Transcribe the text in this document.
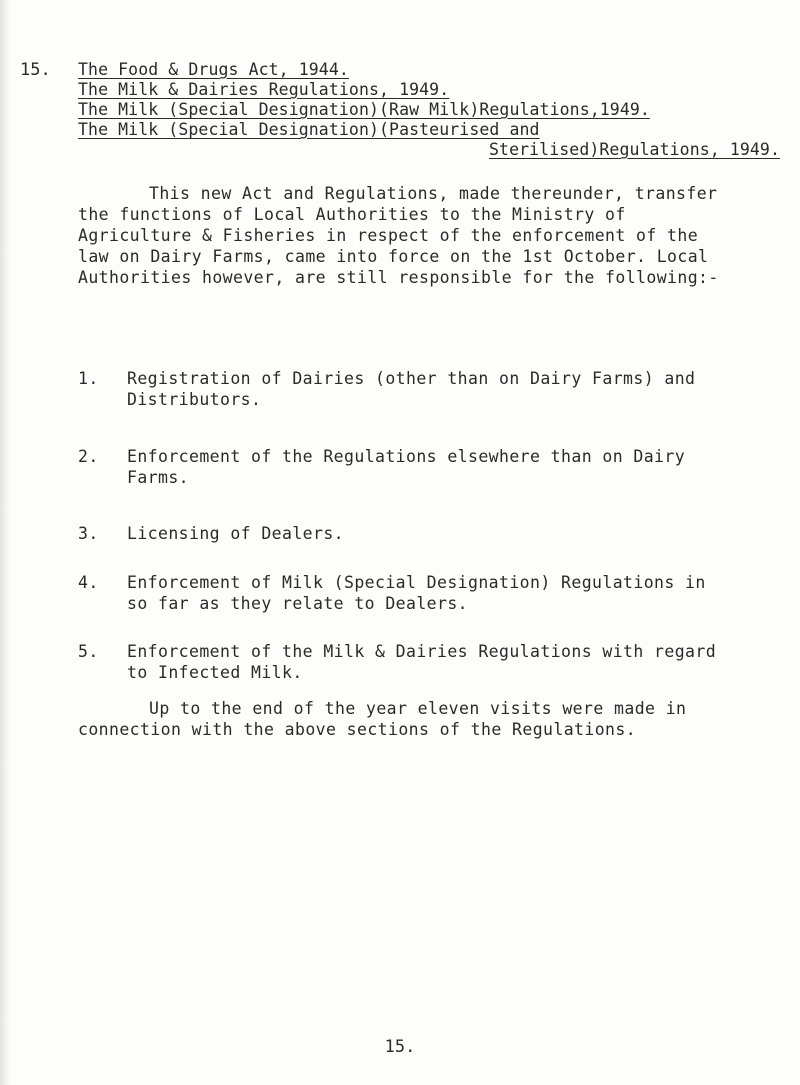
15. The Food & Drugs Act, 1944.
The Milk & Dairies Regulations, 1949.
The Milk (Special Designation)(Raw Milk)Regulations,1949.
The Milk (Special Designation)(Pasteurised and
Sterilised)Regulations, 1949.
This new Act and Regulations, made thereunder, transfer the functions of Local Authorities to the Ministry of Agriculture & Fisheries in respect of the enforcement of the law on Dairy Farms, came into force on the 1st October. Local Authorities however, are still responsible for the following:-
1. Registration of Dairies (other than on Dairy Farms) and Distributors.
2. Enforcement of the Regulations elsewhere than on Dairy Farms.
3. Licensing of Dealers.
4. Enforcement of Milk (Special Designation) Regulations in so far as they relate to Dealers.
5. Enforcement of the Milk & Dairies Regulations with regard to Infected Milk.
Up to the end of the year eleven visits were made in connection with the above sections of the Regulations.
15.
